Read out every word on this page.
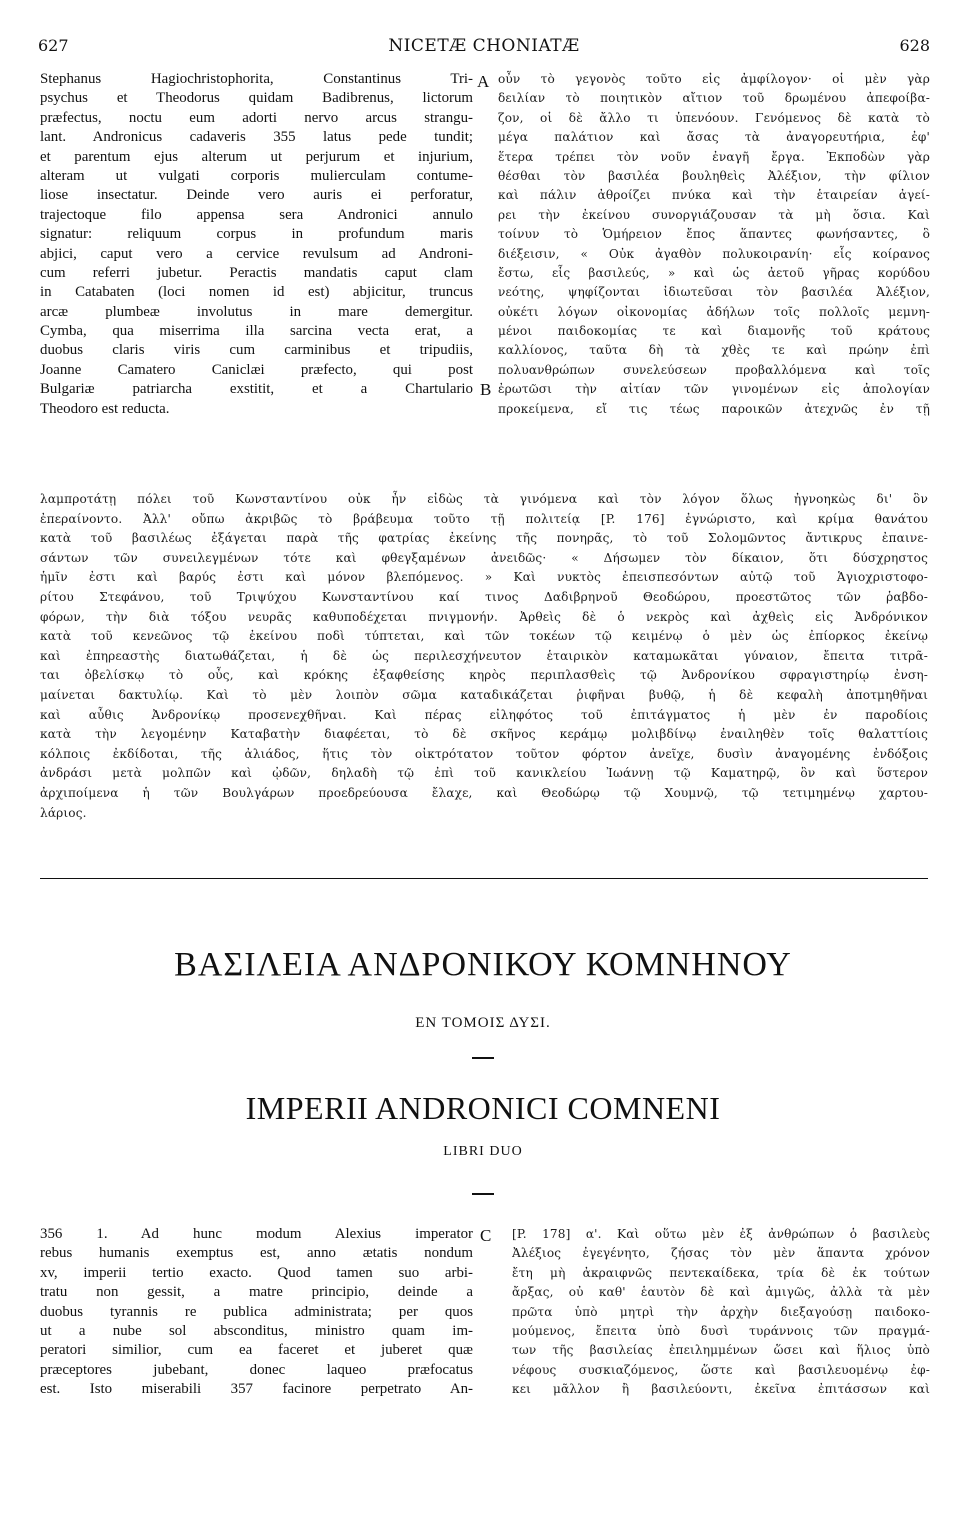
627	NICETÆ CHONIATÆ	628
Stephanus Hagiochristophorita, Constantinus Tri-
psychus et Theodorus quidam Badibrenus, lictorum
præfectus, noctu eum adorti nervo arcus strangu-
lant. Andronicus cadaveris 355 latus pede tundit;
et parentum ejus alterum ut perjurum et injurium,
alteram ut vulgati corporis mulierculam contume-
liose insectatur. Deinde vero auris ei perforatur,
trajectoque filo appensa sera Andronici annulo
signatur: reliquum corpus in profundum maris
abjici, caput vero a cervice revulsum ad Androni-
cum referri jubetur. Peractis mandatis caput clam
in Catabaten (loci nomen id est) abjicitur, truncus
arcæ plumbeæ involutus in mare demergitur.
Cymba, qua miserrima illa sarcina vecta erat, a
duobus claris viris cum carminibus et tripudiis,
Joanne Camatero Caniclæi præfecto, qui post
Bulgariæ patriarcha exstitit, et a Chartulario
Theodoro est reducta.
A οὖν τὸ γεγονὸς τοῦτο εἰς ἀμφίλογον· οἱ μὲν γὰρ
δειλίαν τὸ ποιητικὸν αἴτιον τοῦ δρωμένου ἀπεφοίβα-
ζον, οἱ δὲ ἄλλο τι ὑπενόουν. Γενόμενος δὲ κατὰ τὸ
μέγα παλάτιον καὶ ἄσας τὰ ἀναγορευτήρια, ἐφ'
ἕτερα τρέπει τὸν νοῦν ἐναγῆ ἔργα. Ἐκποδὼν γὰρ
θέσθαι τὸν βασιλέα βουληθεὶς Ἀλέξιον, τὴν φίλιον
καὶ πάλιν ἀθροίζει πνύκα καὶ τὴν ἑταιρείαν ἀγεί-
ρει τὴν ἐκείνου συνοργιάζουσαν τὰ μὴ ὅσια. Καὶ
τοίνυν τὸ Ὁμήρειον ἔπος ἅπαντες φωνήσαντες, ὃ
διέξεισιν, « Οὐκ ἀγαθὸν πολυκοιρανίη· εἷς κοίρανος
ἔστω, εἷς βασιλεύς, » καὶ ὡς ἀετοῦ γῆρας κορύδου
νεότης, ψηφίζονται ἰδιωτεῦσαι τὸν βασιλέα Ἀλέξιον,
οὐκέτι λόγων οἰκονομίας ἀδήλων τοῖς πολλοῖς μεμνη-
μένοι παιδοκομίας τε καὶ διαμονῆς τοῦ κράτους
καλλίονος, ταῦτα δὴ τὰ χθὲς τε καὶ πρώην ἐπὶ
πολυανθρώπων συνελεύσεων προβαλλόμενα καὶ τοῖς
ἐρωτῶσι τὴν αἰτίαν τῶν γινομένων εἰς ἀπολογίαν
προκείμενα, εἴ τις τέως παροικῶν ἀτεχνῶς ἐν τῇ
B
λαμπροτάτῃ πόλει τοῦ Κωνσταντίνου οὐκ ἦν εἰδὼς τὰ γινόμενα καὶ τὸν λόγον ὅλως ἠγνοηκὼς δι' ὃν
ἐπεραίνοντο. Ἀλλ' οὔπω ἀκριβῶς τὸ βράβευμα τοῦτο τῇ πολιτείᾳ [P. 176] ἐγνώριστο, καὶ κρίμα θανάτου
κατὰ τοῦ βασιλέως ἐξάγεται παρὰ τῆς φατρίας ἐκείνης τῆς πονηρᾶς, τὸ τοῦ Σολομῶντος ἄντικρυς ἐπαινε-
σάντων τῶν συνειλεγμένων τότε καὶ φθεγξαμένων ἀνειδῶς· « Δήσωμεν τὸν δίκαιον, ὅτι δύσχρηστος
ἡμῖν ἐστι καὶ βαρύς ἐστι καὶ μόνον βλεπόμενος. » Καὶ νυκτὸς ἐπεισπεσόντων αὐτῷ τοῦ Ἁγιοχριστοφο-
ρίτου Στεφάνου, τοῦ Τριψύχου Κωνσταντίνου καί τινος Δαδιβρηνοῦ Θεοδώρου, προεστῶτος τῶν ῥαβδο-
φόρων, τὴν διὰ τόξου νευρᾶς καθυποδέχεται πνιγμονήν. Ἀρθεὶς δὲ ὁ νεκρὸς καὶ ἀχθεὶς εἰς Ἀνδρόνικον
κατὰ τοῦ κενεῶνος τῷ ἐκείνου ποδὶ τύπτεται, καὶ τῶν τοκέων τῷ κειμένῳ ὁ μὲν ὡς ἐπίορκος ἐκείνῳ
καὶ ἐπηρεαστὴς διατωθάζεται, ἡ δὲ ὡς περιλεσχήνευτον ἑταιρικὸν καταμωκᾶται γύναιον, ἔπειτα τιτρᾶ-
ται ὀβελίσκῳ τὸ οὖς, καὶ κρόκης ἐξαφθείσης κηρὸς περιπλασθεὶς τῷ Ἀνδρονίκου σφραγιστηρίῳ ἐνση-
μαίνεται δακτυλίῳ. Καὶ τὸ μὲν λοιπὸν σῶμα καταδικάζεται ῥιφῆναι βυθῷ, ἡ δὲ κεφαλὴ ἀποτμηθῆναι
καὶ αὖθις Ἀνδρονίκῳ προσενεχθῆναι. Καὶ πέρας εἰληφότος τοῦ ἐπιτάγματος ἡ μὲν ἐν παροδίοις
κατὰ τὴν λεγομένην Καταβατὴν διαφέεται, τὸ δὲ σκῆνος κεράμῳ μολιβδίνῳ ἐναιληθὲν τοῖς θαλαττίοις
κόλποις ἐκδίδοται, τῆς ἀλιάδος, ἥτις τὸν οἰκτρότατον τοῦτον φόρτον ἀνεῖχε, δυσὶν ἀναγομένης ἐνδόξοις
ἀνδράσι μετὰ μολπῶν καὶ ᾠδῶν, δηλαδὴ τῷ ἐπὶ τοῦ κανικλείου Ἰωάννῃ τῷ Καματηρῷ, ὃν καὶ ὕστερον
ἀρχιποίμενα ἡ τῶν Βουλγάρων προεδρεύουσα ἔλαχε, καὶ Θεοδώρῳ τῷ Χουμνῷ, τῷ τετιμημένῳ χαρτου-
λάριος.
ΒΑΣΙΛΕΙΑ ΑΝΔΡΟΝΙΚΟΥ ΚΟΜΝΗΝΟΥ
ΕΝ ΤΟΜΟΙΣ ΔΥΣΙ.
IMPERII ANDRONICI COMNENI
LIBRI DUO
356 1. Ad hunc modum Alexius imperator
rebus humanis exemptus est, anno ætatis nondum
xv, imperii tertio exacto. Quod tamen suo arbi-
tratu non gessit, a matre principio, deinde a
duobus tyrannis re publica administrata; per quos
ut a nube sol absconditus, ministro quam im-
peratori similior, cum ea faceret et juberet quæ
præceptores jubebant, donec laqueo præfocatus
est. Isto miserabili 357 facinore perpetrato An-
C [P. 178] α'. Καὶ οὕτω μὲν ἐξ ἀνθρώπων ὁ βασιλεὺς
Ἀλέξιος ἐγεγένητο, ζήσας τὸν μὲν ἅπαντα χρόνον
ἔτη μὴ ἀκραιφνῶς πεντεκαίδεκα, τρία δὲ ἐκ τούτων
ἄρξας, οὐ καθ' ἑαυτὸν δὲ καὶ ἀμιγῶς, ἀλλὰ τὰ μὲν
πρῶτα ὑπὸ μητρὶ τὴν ἀρχὴν διεξαγούσῃ παιδοκο-
μούμενος, ἔπειτα ὑπὸ δυσὶ τυράννοις τῶν πραγμά-
των τῆς βασιλείας ἐπειλημμένων ὥσει καὶ ἥλιος ὑπὸ
νέφους συσκιαζόμενος, ὥστε καὶ βασιλευομένῳ ἐφ-
κει μᾶλλον ἢ βασιλεύοντι, ἐκεῖνα ἐπιτάσσων καὶ
